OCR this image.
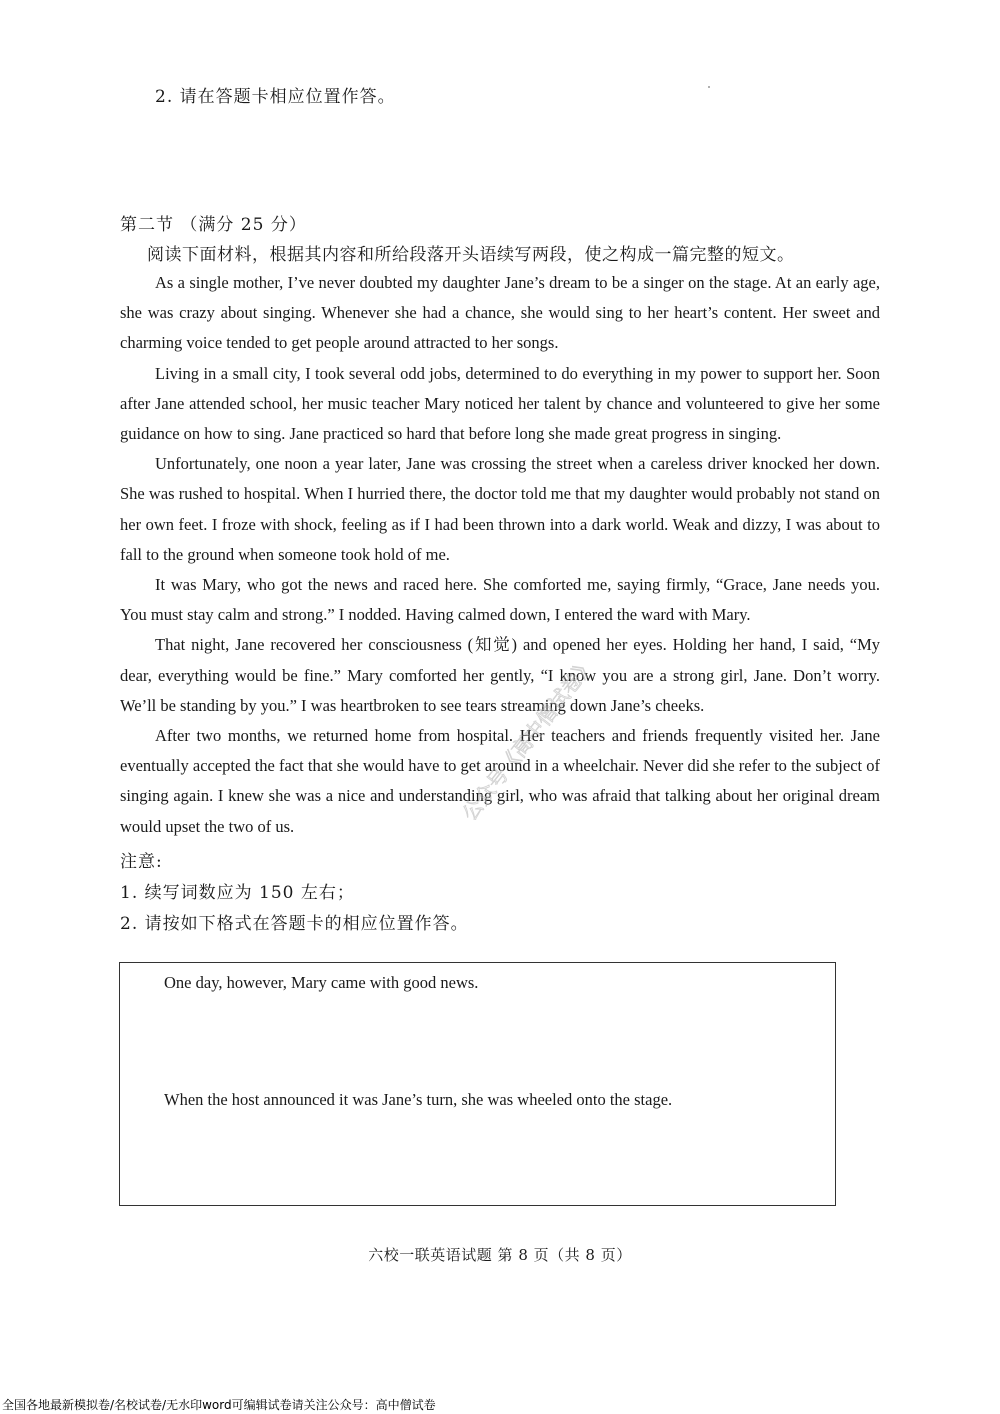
2. 请在答题卡相应位置作答。
第二节 （满分 25 分）
阅读下面材料，根据其内容和所给段落开头语续写两段，使之构成一篇完整的短文。

As a single mother, I’ve never doubted my daughter Jane’s dream to be a singer on the stage. At an early age, she was crazy about singing. Whenever she had a chance, she would sing to her heart’s content. Her sweet and charming voice tended to get people around attracted to her songs.

Living in a small city, I took several odd jobs, determined to do everything in my power to support her. Soon after Jane attended school, her music teacher Mary noticed her talent by chance and volunteered to give her some guidance on how to sing. Jane practiced so hard that before long she made great progress in singing.

Unfortunately, one noon a year later, Jane was crossing the street when a careless driver knocked her down. She was rushed to hospital. When I hurried there, the doctor told me that my daughter would probably not stand on her own feet. I froze with shock, feeling as if I had been thrown into a dark world. Weak and dizzy, I was about to fall to the ground when someone took hold of me.

It was Mary, who got the news and raced here. She comforted me, saying firmly, “Grace, Jane needs you. You must stay calm and strong.” I nodded. Having calmed down, I entered the ward with Mary.

That night, Jane recovered her consciousness (知觉) and opened her eyes. Holding her hand, I said, “My dear, everything would be fine.” Mary comforted her gently, “I know you are a strong girl, Jane. Don’t worry. We’ll be standing by you.” I was heartbroken to see tears streaming down Jane’s cheeks.

After two months, we returned home from hospital. Her teachers and friends frequently visited her. Jane eventually accepted the fact that she would have to get around in a wheelchair. Never did she refer to the subject of singing again. I knew she was a nice and understanding girl, who was afraid that talking about her original dream would upset the two of us.

注意:
1. 续写词数应为 150 左右；
2. 请按如下格式在答题卡的相应位置作答。
One day, however, Mary came with good news.
When the host announced it was Jane’s turn, she was wheeled onto the stage.
公众号《高中僧试卷》
六校一联英语试题 第 8 页（共 8 页）
全国各地最新模拟卷/名校试卷/无水印word可编辑试卷请关注公众号：高中僧试卷
